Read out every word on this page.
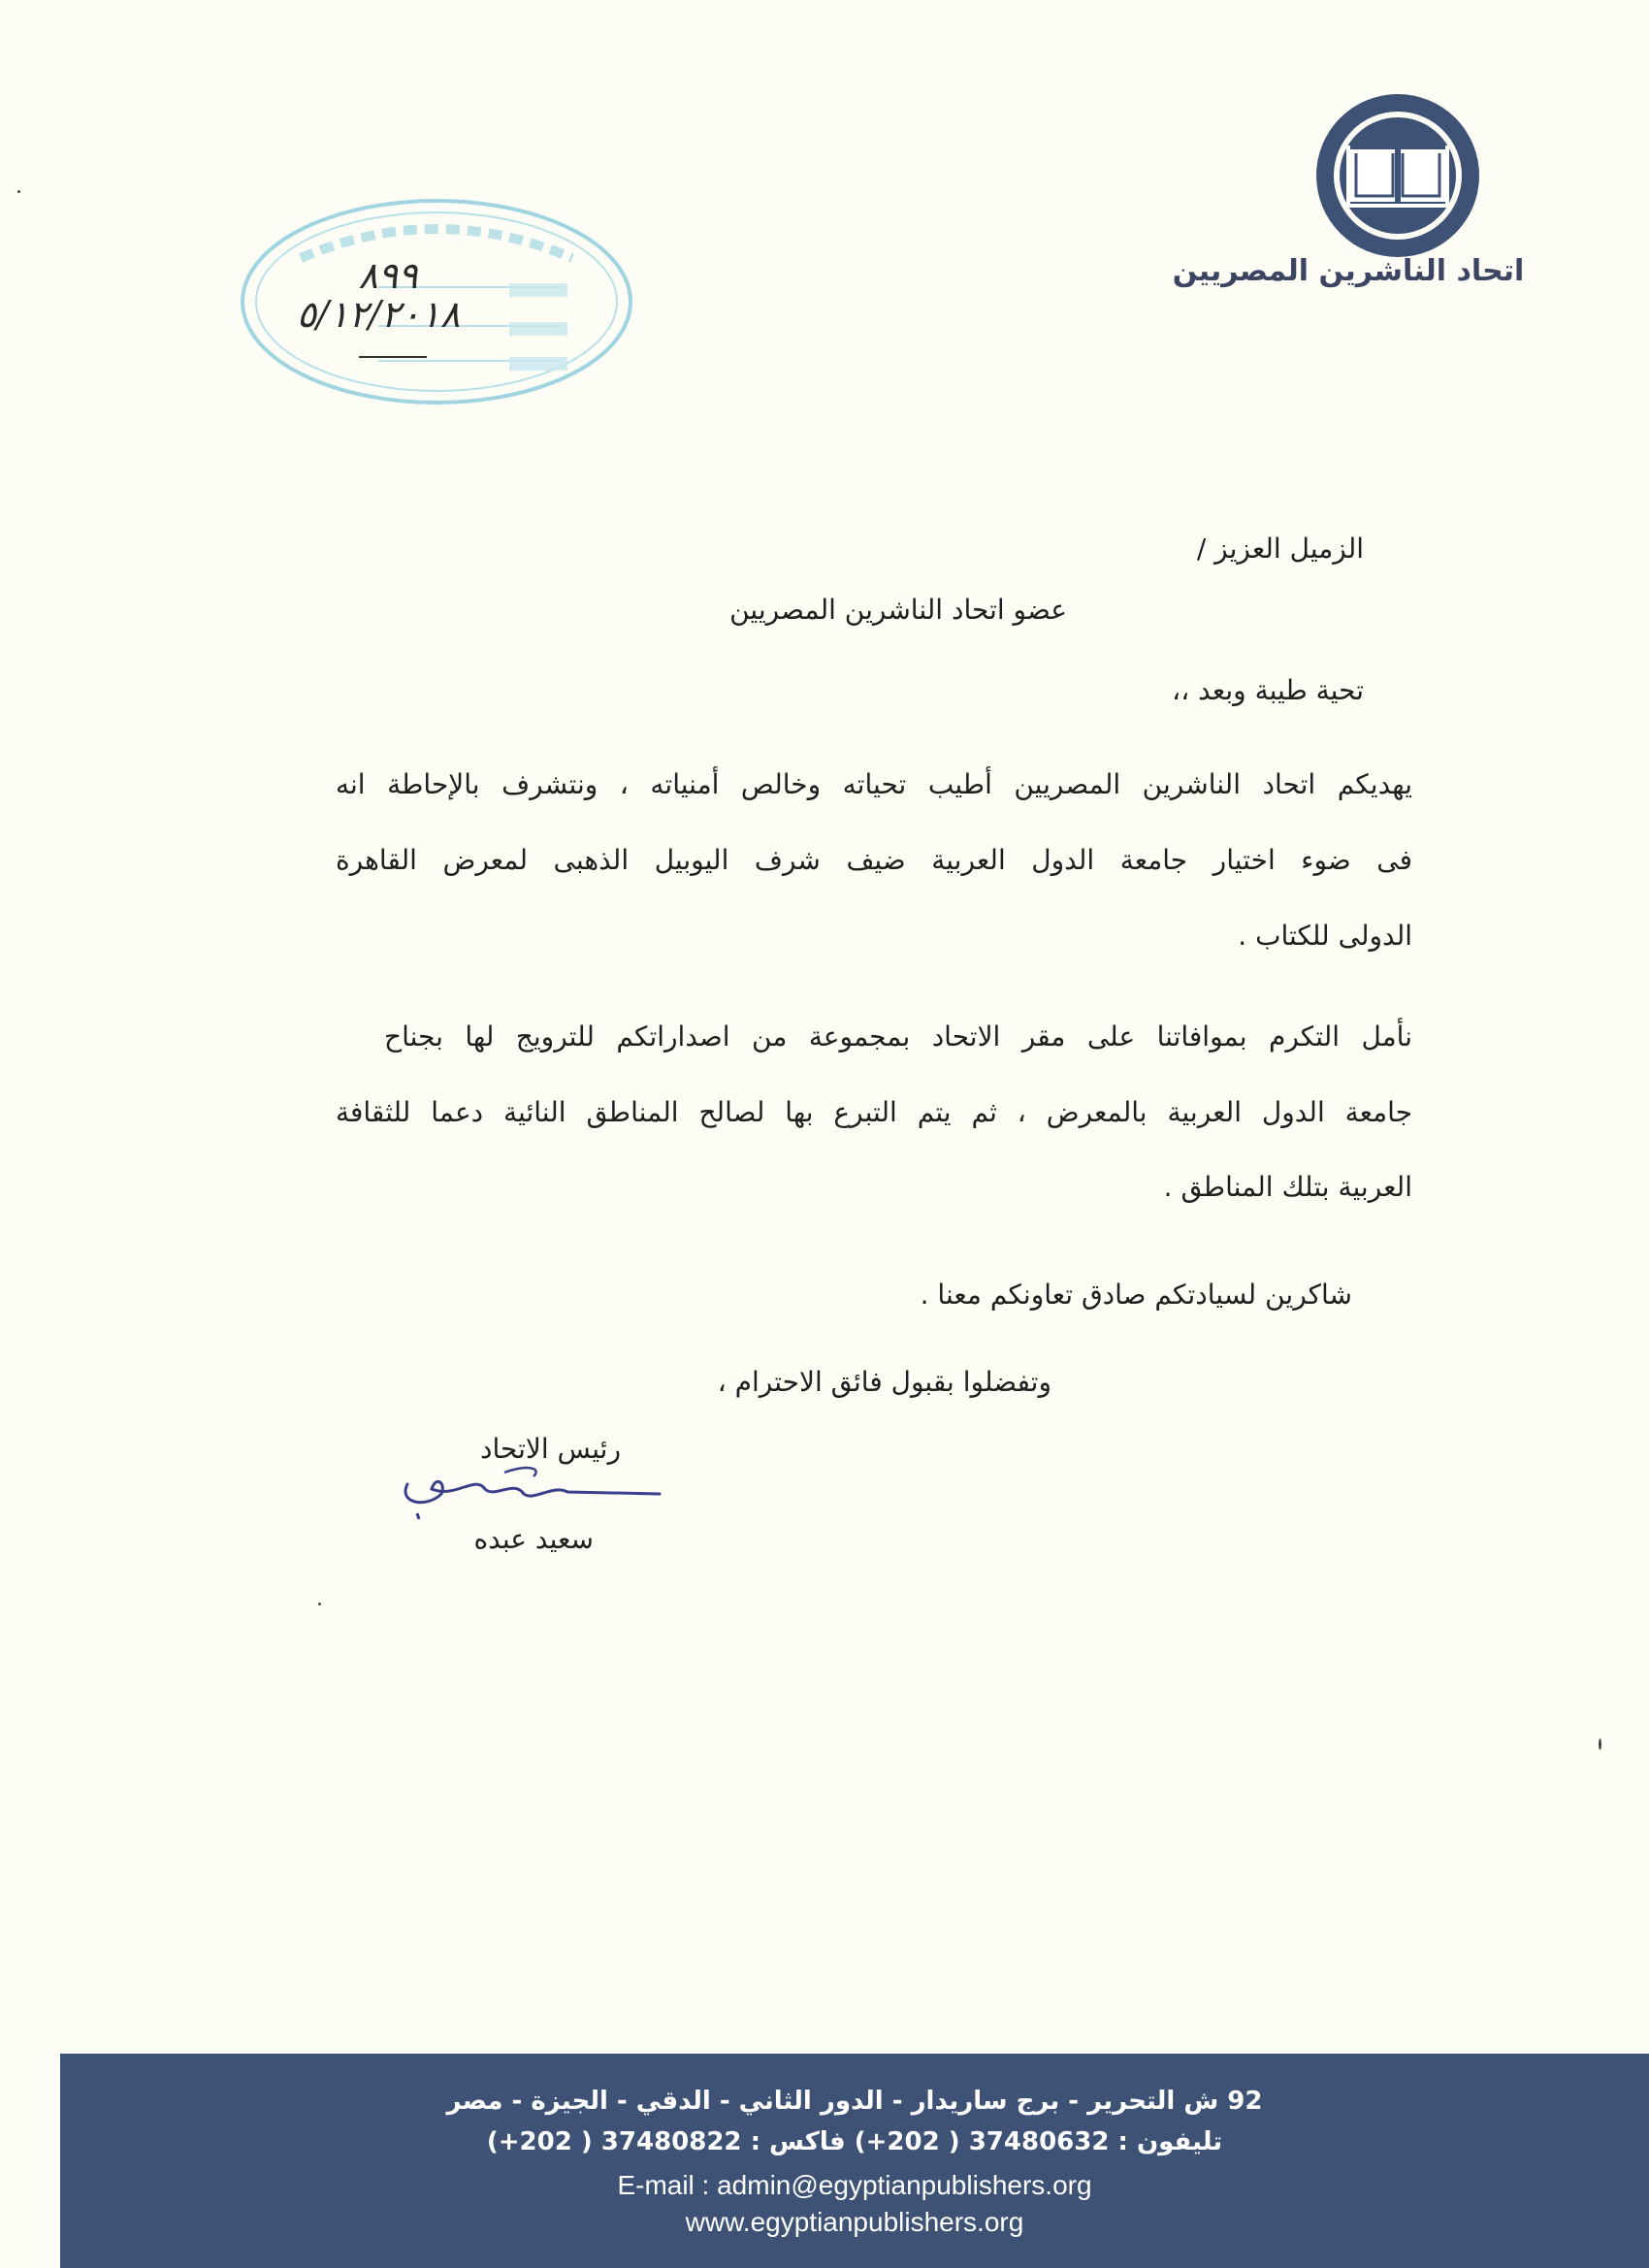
اتحاد الناشرين المصريين
٨٩٩
٥/١٢/٢٠١٨
الزميل العزيز /
عضو اتحاد الناشرين المصريين
تحية طيبة وبعد ،،
يهديكم اتحاد الناشرين المصريين أطيب تحياته وخالص أمنياته ، ونتشرف بالإحاطة انه
فى ضوء اختيار جامعة الدول العربية ضيف شرف اليوبيل الذهبى لمعرض القاهرة
الدولى للكتاب .
نأمل التكرم بموافاتنا على مقر الاتحاد بمجموعة من اصداراتكم للترويج لها بجناح
جامعة الدول العربية بالمعرض ، ثم يتم التبرع بها لصالح المناطق النائية دعما للثقافة
العربية بتلك المناطق .
شاكرين لسيادتكم صادق تعاونكم معنا .
وتفضلوا بقبول فائق الاحترام ،
رئيس الاتحاد
سعيد عبده
92 ش التحرير - برج ساريدار - الدور الثاني - الدقي - الجيزة - مصر
تليفون : 37480632 ( 202+) فاكس : 37480822 ( 202+)
E-mail : admin@egyptianpublishers.org
www.egyptianpublishers.org
